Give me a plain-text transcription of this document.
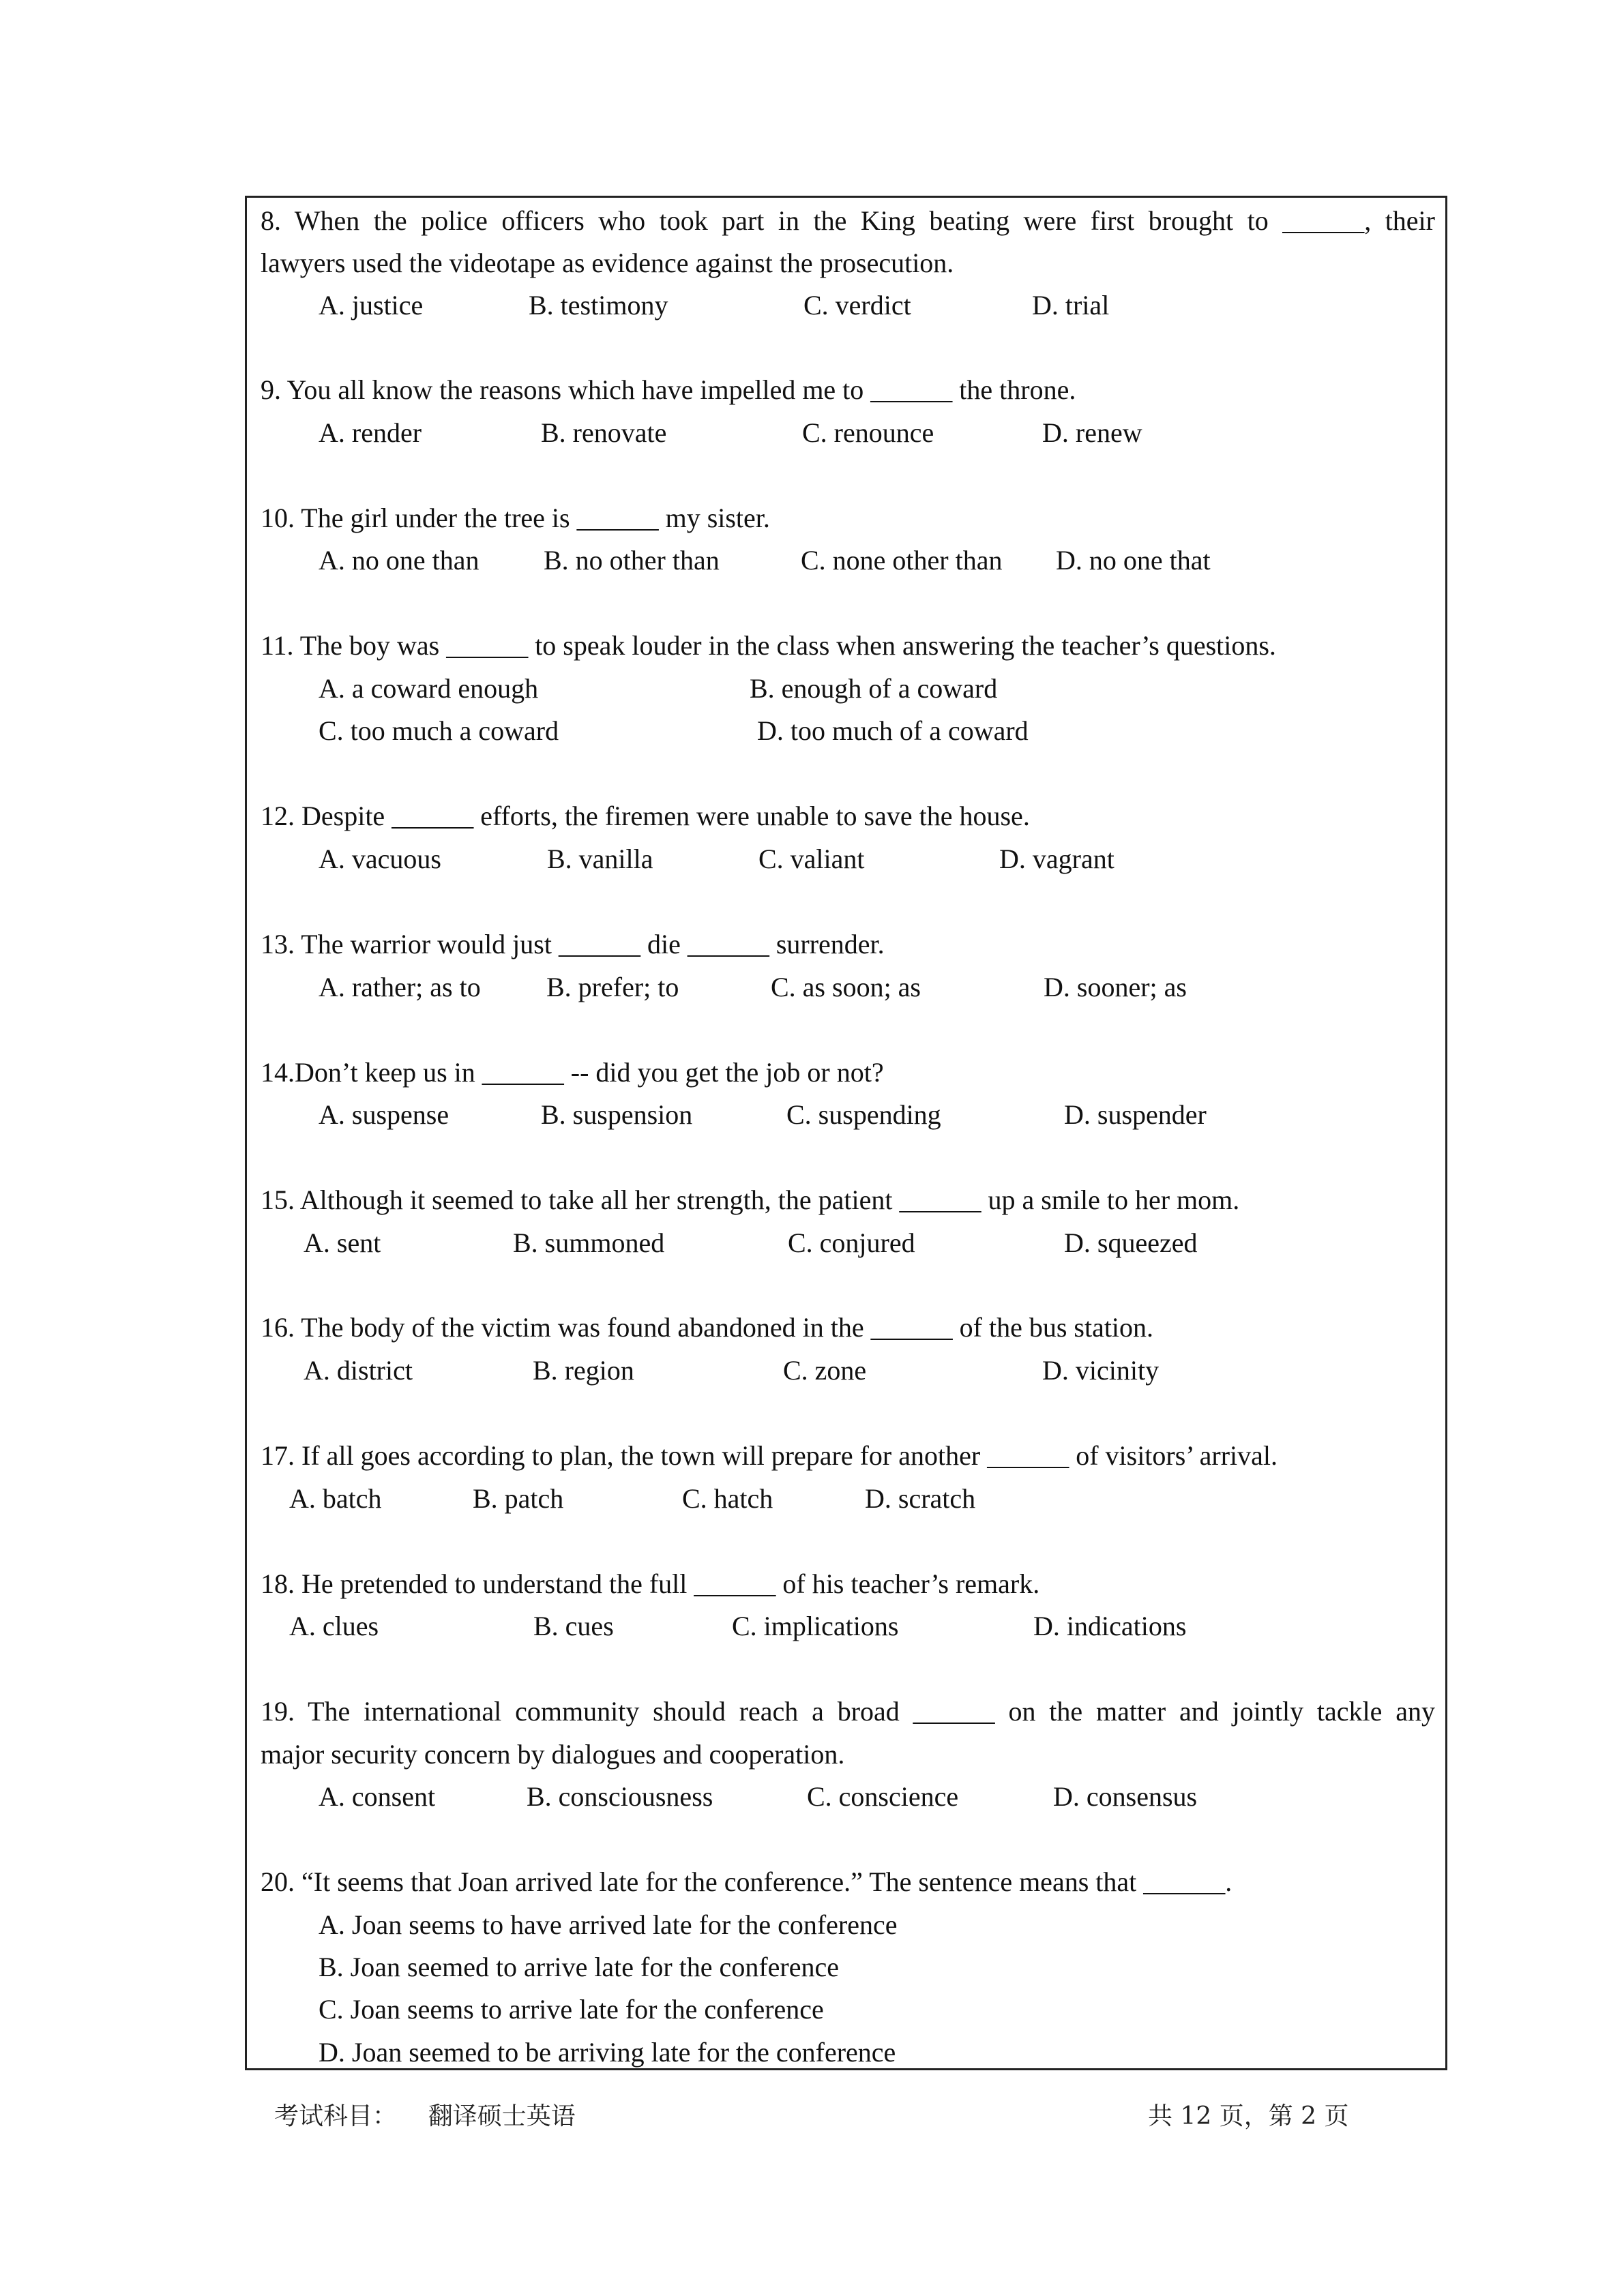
8. When the police officers who took part in the King beating were first brought to ______, their
lawyers used the videotape as evidence against the prosecution.
A. justice	B. testimony	C. verdict	D. trial
9. You all know the reasons which have impelled me to ______ the throne.
A. render	B. renovate	C. renounce	D. renew
10. The girl under the tree is ______ my sister.
A. no one than B. no other than	C. none other than D. no one that
11. The boy was ______ to speak louder in the class when answering the teacher’s questions.
A. a coward enough	B. enough of a coward
C. too much a coward	D. too much of a coward
12. Despite ______ efforts, the firemen were unable to save the house.
A. vacuous	B. vanilla	C. valiant	D. vagrant
13. The warrior would just ______ die ______ surrender.
A. rather; as to B. prefer; to	C. as soon; as	D. sooner; as
14.Don’t keep us in ______ -- did you get the job or not?
A. suspense	B. suspension	C. suspending	D. suspender
15. Although it seemed to take all her strength, the patient ______ up a smile to her mom.
A. sent	B. summoned	C. conjured	D. squeezed
16. The body of the victim was found abandoned in the ______ of the bus station.
A. district	B. region	C. zone	D. vicinity
17. If all goes according to plan, the town will prepare for another ______ of visitors’ arrival.
A. batch	B. patch	C. hatch	D. scratch
18. He pretended to understand the full ______ of his teacher’s remark.
A. clues	B. cues	C. implications	D. indications
19. The international community should reach a broad ______ on the matter and jointly tackle any
major security concern by dialogues and cooperation.
A. consent	B. consciousness	C. conscience	D. consensus
20. “It seems that Joan arrived late for the conference.” The sentence means that ______.
A. Joan seems to have arrived late for the conference
B. Joan seemed to arrive late for the conference
C. Joan seems to arrive late for the conference
D. Joan seemed to be arriving late for the conference
考试科目：    翻译硕士英语	共 12 页，第 2 页
